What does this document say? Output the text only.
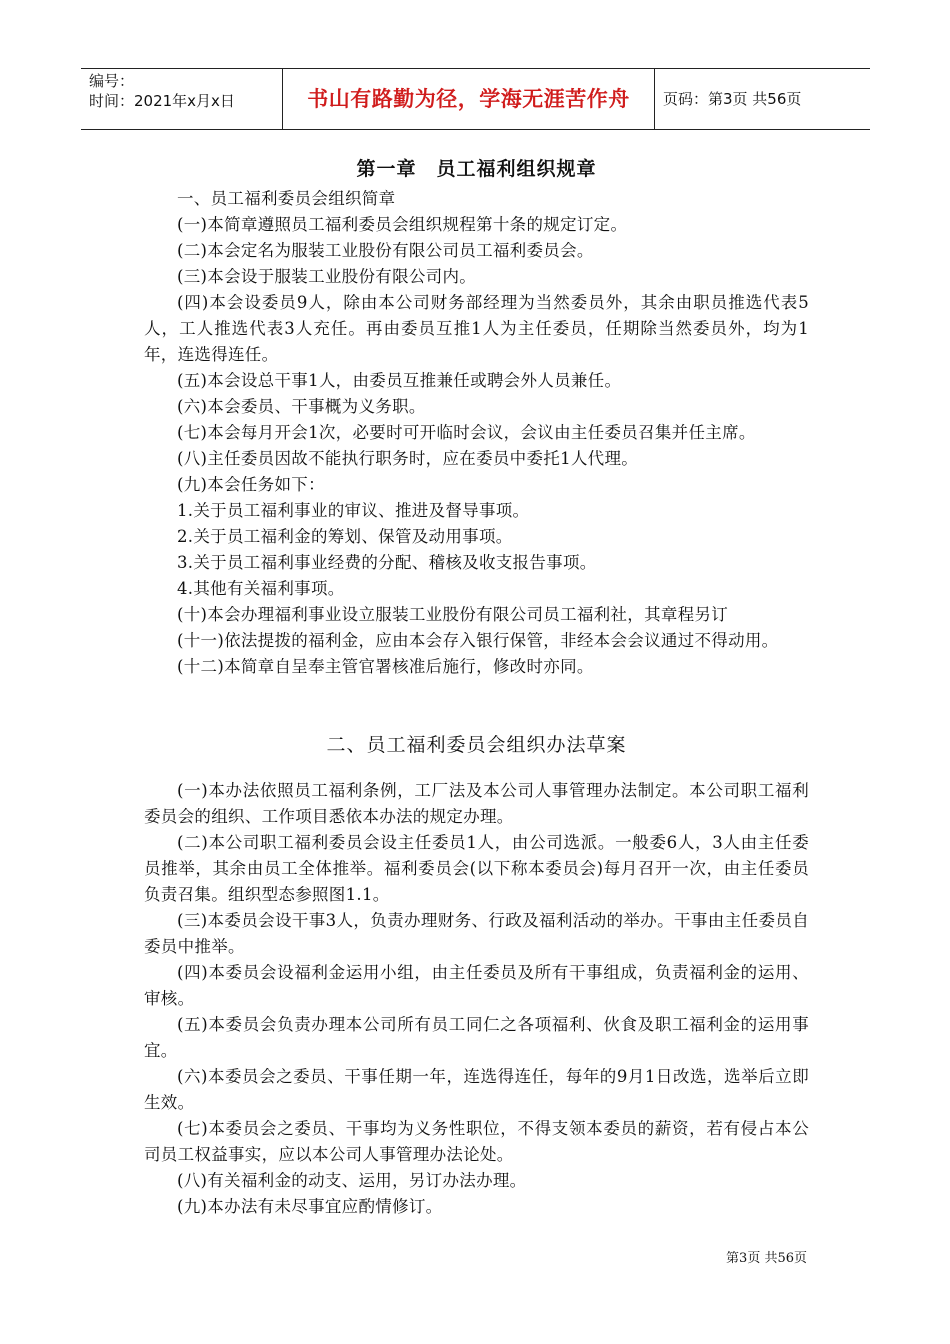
编号：
时间：2021年x月x日	书山有路勤为径，学海无涯苦作舟 页码：第3页 共56页
第一章　员工福利组织规章

一、员工福利委员会组织简章

(一)本简章遵照员工福利委员会组织规程第十条的规定订定。

(二)本会定名为服装工业股份有限公司员工福利委员会。

(三)本会设于服装工业股份有限公司内。

(四)本会设委员9人，除由本公司财务部经理为当然委员外，其余由职员推选代表5人，工人推选代表3人充任。再由委员互推1人为主任委员，任期除当然委员外，均为1年，连选得连任。

(五)本会设总干事1人，由委员互推兼任或聘会外人员兼任。

(六)本会委员、干事概为义务职。

(七)本会每月开会1次，必要时可开临时会议，会议由主任委员召集并任主席。

(八)主任委员因故不能执行职务时，应在委员中委托1人代理。

(九)本会任务如下：

1.关于员工福利事业的审议、推进及督导事项。

2.关于员工福利金的筹划、保管及动用事项。

3.关于员工福利事业经费的分配、稽核及收支报告事项。

4.其他有关福利事项。

(十)本会办理福利事业设立服装工业股份有限公司员工福利社，其章程另订

(十一)依法提拨的福利金，应由本会存入银行保管，非经本会会议通过不得动用。

(十二)本简章自呈奉主管官署核准后施行，修改时亦同。

二、员工福利委员会组织办法草案

(一)本办法依照员工福利条例，工厂法及本公司人事管理办法制定。本公司职工福利委员会的组织、工作项目悉依本办法的规定办理。

(二)本公司职工福利委员会设主任委员1人，由公司选派。一般委6人，3人由主任委员推举，其余由员工全体推举。福利委员会(以下称本委员会)每月召开一次，由主任委员负责召集。组织型态参照图1.1。

(三)本委员会设干事3人，负责办理财务、行政及福利活动的举办。干事由主任委员自委员中推举。

(四)本委员会设福利金运用小组，由主任委员及所有干事组成，负责福利金的运用、审核。

(五)本委员会负责办理本公司所有员工同仁之各项福利、伙食及职工福利金的运用事宜。

(六)本委员会之委员、干事任期一年，连选得连任，每年的9月1日改选，选举后立即生效。

(七)本委员会之委员、干事均为义务性职位，不得支领本委员的薪资，若有侵占本公司员工权益事实，应以本公司人事管理办法论处。

(八)有关福利金的动支、运用，另订办法办理。

(九)本办法有未尽事宜应酌情修订。

第3页 共56页
